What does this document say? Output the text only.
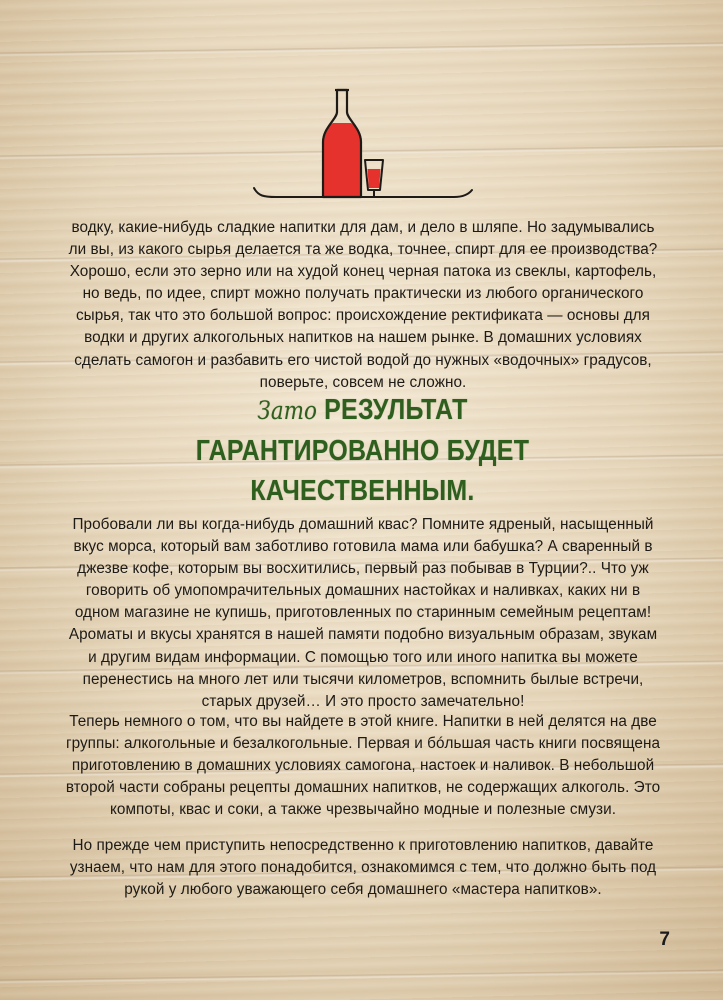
водку, какие-нибудь сладкие напитки для дам, и дело в шляпе. Но задумывались ли вы, из какого сырья делается та же водка, точнее, спирт для ее производства? Хорошо, если это зерно или на худой конец черная патока из свеклы, картофель, но ведь, по идее, спирт можно получать практически из любого органического сырья, так что это большой вопрос: происхождение ректификата — основы для водки и других алкогольных напитков на нашем рынке. В домашних условиях сделать самогон и разбавить его чистой водой до нужных «водочных» градусов, поверьте, совсем не сложно.

Зато РЕЗУЛЬТАТ
ГАРАНТИРОВАННО БУДЕТ
КАЧЕСТВЕННЫМ.

Пробовали ли вы когда-нибудь домашний квас? Помните ядреный, насыщенный вкус морса, который вам заботливо готовила мама или бабушка? А сваренный в джезве кофе, которым вы восхитились, первый раз побывав в Турции?.. Что уж говорить об умопомрачительных домашних настойках и наливках, каких ни в одном магазине не купишь, приготовленных по старинным семейным рецептам! Ароматы и вкусы хранятся в нашей памяти подобно визуальным образам, звукам и другим видам информации. С помощью того или иного напитка вы можете перенестись на много лет или тысячи километров, вспомнить былые встречи, старых друзей… И это просто замечательно!

Теперь немного о том, что вы найдете в этой книге. Напитки в ней делятся на две группы: алкогольные и безалкогольные. Первая и бóльшая часть книги посвящена приготовлению в домашних условиях самогона, настоек и наливок. В небольшой второй части собраны рецепты домашних напитков, не содержащих алкоголь. Это компоты, квас и соки, а также чрезвычайно модные и полезные смузи.

Но прежде чем приступить непосредственно к приготовлению напитков, давайте узнаем, что нам для этого понадобится, ознакомимся с тем, что должно быть под рукой у любого уважающего себя домашнего «мастера напитков».

7
